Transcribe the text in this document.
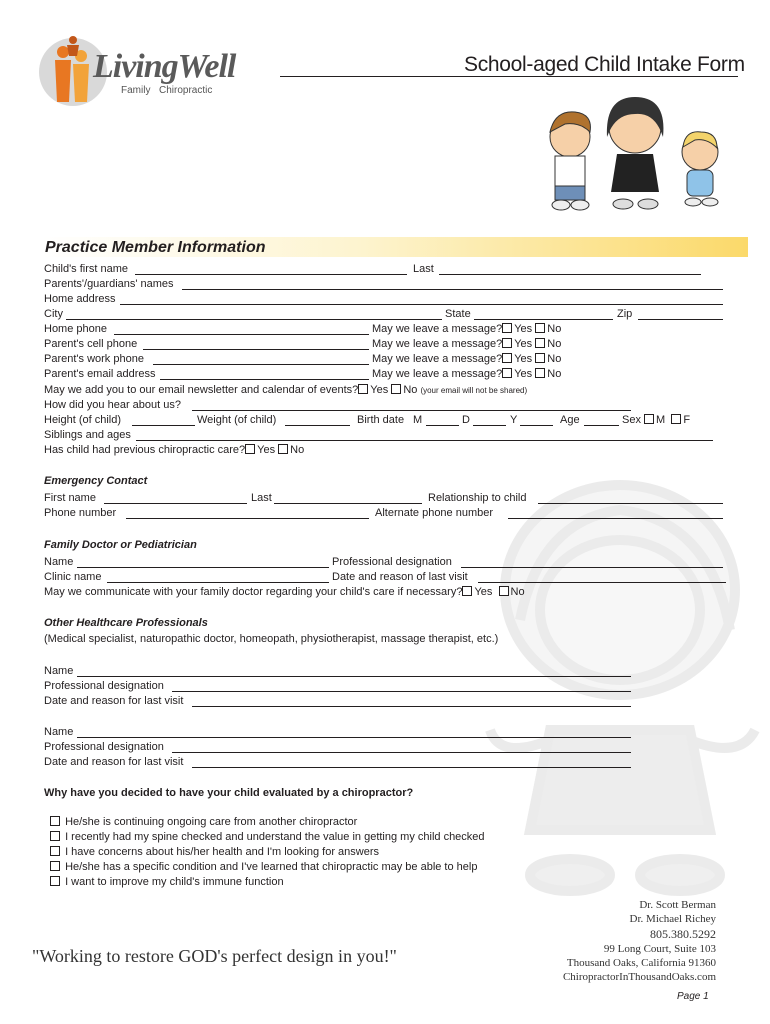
LivingWell
Family Chiropractic
School-aged Child Intake Form
Practice Member Information
Child's first name	Last
Parents'/guardians' names
Home address
City	State	Zip
Home phone	May we leave a message? Yes No
Parent's cell phone	May we leave a message? Yes No
Parent's work phone	May we leave a message? Yes No
Parent's email address	May we leave a message? Yes No
May we add you to our email newsletter and calendar of events? Yes No (your email will not be shared)
How did you hear about us?
Height (of child)	Weight (of child)	Birth date M	D	Y	Age	Sex M F
Siblings and ages
Has child had previous chiropractic care? Yes No
Emergency Contact
First name	Last	Relationship to child
Phone number	Alternate phone number
Family Doctor or Pediatrician
Name	Professional designation
Clinic name	Date and reason of last visit
May we communicate with your family doctor regarding your child's care if necessary? Yes No
Other Healthcare Professionals
(Medical specialist, naturopathic doctor, homeopath, physiotherapist, massage therapist, etc.)
Name
Professional designation
Date and reason for last visit
Name
Professional designation
Date and reason for last visit
Why have you decided to have your child evaluated by a chiropractor?
He/she is continuing ongoing care from another chiropractor
I recently had my spine checked and understand the value in getting my child checked
I have concerns about his/her health and I'm looking for answers
He/she has a specific condition and I've learned that chiropractic may be able to help
I want to improve my child's immune function
Dr. Scott Berman
Dr. Michael Richey
805.380.5292
99 Long Court, Suite 103
Thousand Oaks, California 91360
ChiropractorInThousandOaks.com
"Working to restore GOD's perfect design in you!"
Page 1
